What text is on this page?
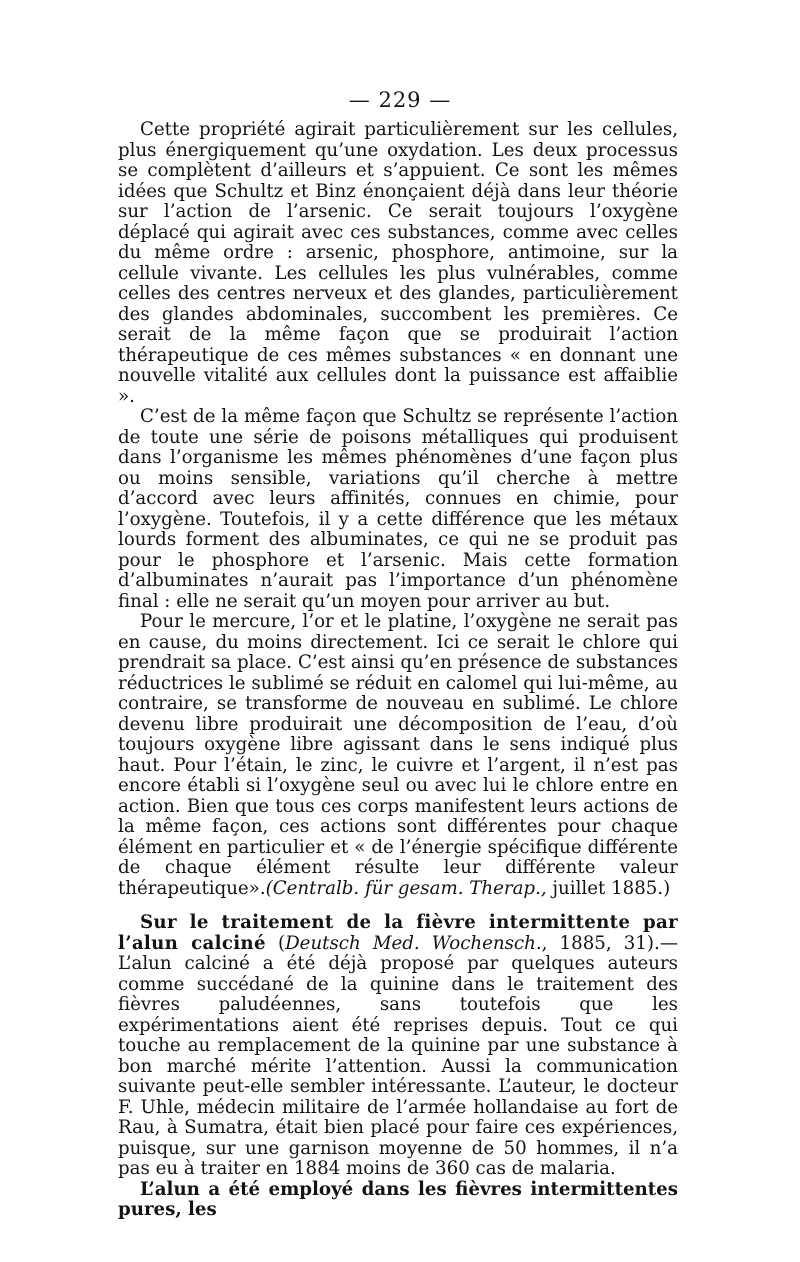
— 229 —

Cette propriété agirait particulièrement sur les cellules, plus énergiquement qu’une oxydation. Les deux processus se complètent d’ailleurs et s’appuient. Ce sont les mêmes idées que Schultz et Binz énonçaient déjà dans leur théorie sur l’action de l’arsenic. Ce serait toujours l’oxygène déplacé qui agirait avec ces substances, comme avec celles du même ordre : arsenic, phosphore, antimoine, sur la cellule vivante. Les cellules les plus vulnérables, comme celles des centres nerveux et des glandes, particulièrement des glandes abdominales, succombent les premières. Ce serait de la même façon que se produirait l’action thérapeutique de ces mêmes substances « en donnant une nouvelle vitalité aux cellules dont la puissance est affaiblie ».

C’est de la même façon que Schultz se représente l’action de toute une série de poisons métalliques qui produisent dans l’organisme les mêmes phénomènes d’une façon plus ou moins sensible, variations qu’il cherche à mettre d’accord avec leurs affinités, connues en chimie, pour l’oxygène. Toutefois, il y a cette différence que les métaux lourds forment des albuminates, ce qui ne se produit pas pour le phosphore et l’arsenic. Mais cette formation d’albuminates n’aurait pas l’importance d’un phénomène final : elle ne serait qu’un moyen pour arriver au but.

Pour le mercure, l’or et le platine, l’oxygène ne serait pas en cause, du moins directement. Ici ce serait le chlore qui prendrait sa place. C’est ainsi qu’en présence de substances réductrices le sublimé se réduit en calomel qui lui-même, au contraire, se transforme de nouveau en sublimé. Le chlore devenu libre produirait une décomposition de l’eau, d’où toujours oxygène libre agissant dans le sens indiqué plus haut. Pour l’étain, le zinc, le cuivre et l’argent, il n’est pas encore établi si l’oxygène seul ou avec lui le chlore entre en action. Bien que tous ces corps manifestent leurs actions de la même façon, ces actions sont différentes pour chaque élément en particulier et « de l’énergie spécifique différente de chaque élément résulte leur différente valeur thérapeutique».(Centralb. für gesam. Therap., juillet 1885.)

Sur le traitement de la fièvre intermittente par l’alun calciné (Deutsch Med. Wochensch., 1885, 31).— L’alun calciné a été déjà proposé par quelques auteurs comme succédané de la quinine dans le traitement des fièvres paludéennes, sans toutefois que les expérimentations aient été reprises depuis. Tout ce qui touche au remplacement de la quinine par une substance à bon marché mérite l’attention. Aussi la communication suivante peut-elle sembler intéressante. L’auteur, le docteur F. Uhle, médecin militaire de l’armée hollandaise au fort de Rau, à Sumatra, était bien placé pour faire ces expériences, puisque, sur une garnison moyenne de 50 hommes, il n’a pas eu à traiter en 1884 moins de 360 cas de malaria.

L’alun a été employé dans les fièvres intermittentes pures, les
